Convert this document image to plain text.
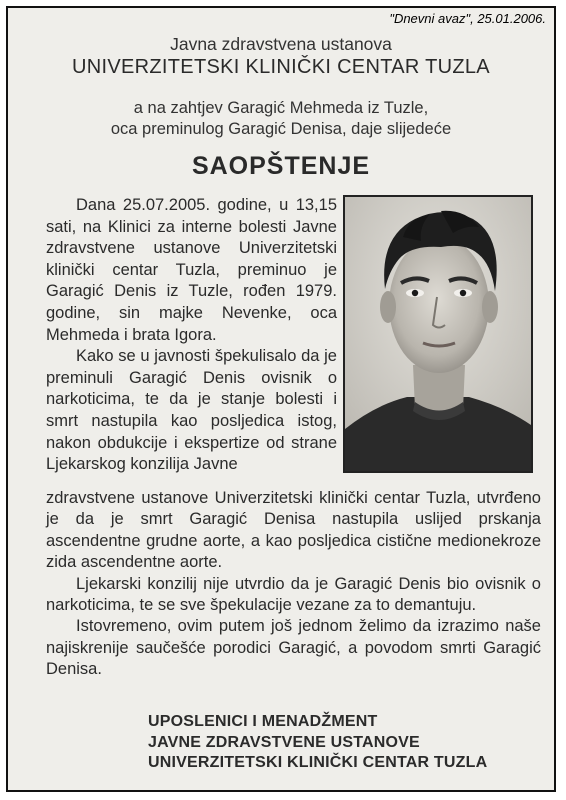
"Dnevni avaz", 25.01.2006.
Javna zdravstvena ustanova
UNIVERZITETSKI KLINIČKI CENTAR TUZLA
a na zahtjev Garagić Mehmeda iz Tuzle,
oca preminulog Garagić Denisa, daje slijedeće
SAOPŠTENJE

Dana 25.07.2005. godine, u 13,15 sati, na Klinici za interne bolesti Javne zdravstvene ustanove Univerzitetski klinički centar Tuzla, preminuo je Garagić Denis iz Tuzle, rođen 1979. godine, sin majke Nevenke, oca Mehmeda i brata Igora.

Kako se u javnosti špekulisalo da je preminuli Garagić Denis ovisnik o narkoticima, te da je stanje bolesti i smrt nastupila kao posljedica istog, nakon obdukcije i ekspertize od strane Ljekarskog konzilija Javne

zdravstvene ustanove Univerzitetski klinički centar Tuzla, utvrđeno je da je smrt Garagić Denisa nastupila uslijed prskanja ascendentne grudne aorte, a kao posljedica cistične medionekroze zida ascendentne aorte.

Ljekarski konzilij nije utvrdio da je Garagić Denis bio ovisnik o narkoticima, te se sve špekulacije vezane za to demantuju.

Istovremeno, ovim putem još jednom želimo da izrazimo naše najiskrenije saučešće porodici Garagić, a povodom smrti Garagić Denisa.

UPOSLENICI I MENADŽMENT
JAVNE ZDRAVSTVENE USTANOVE
UNIVERZITETSKI KLINIČKI CENTAR TUZLA
